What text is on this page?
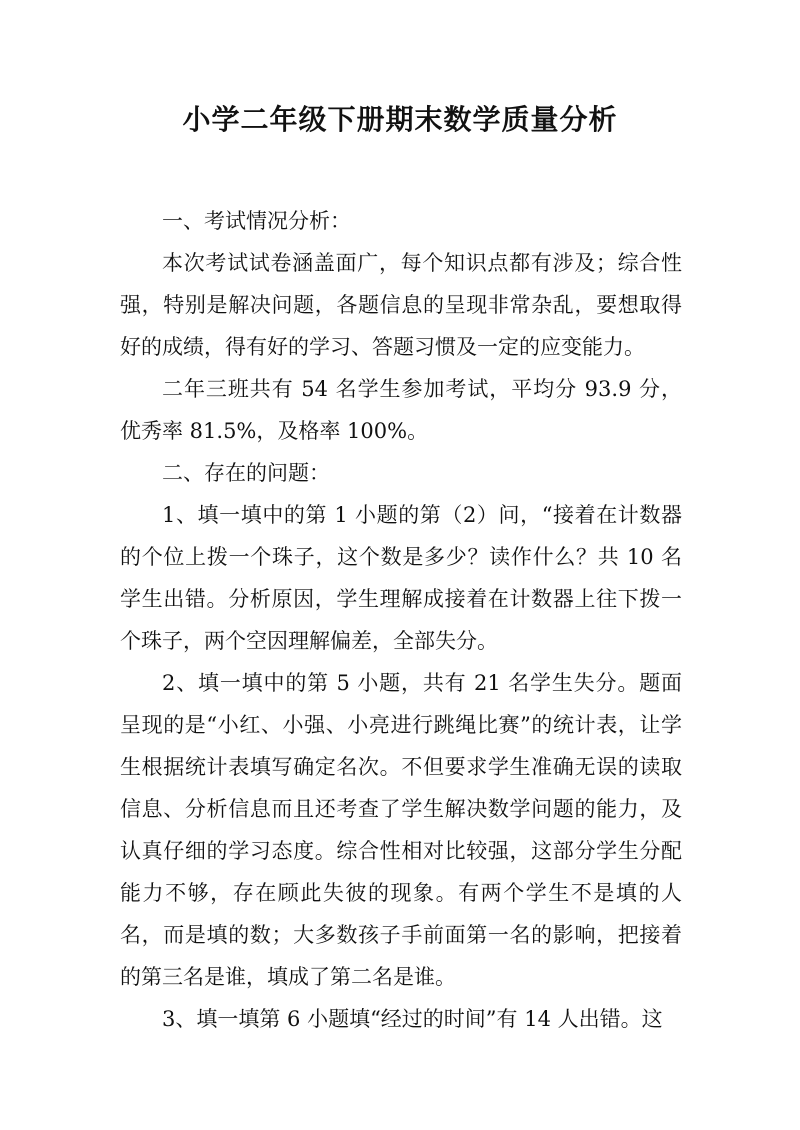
小学二年级下册期末数学质量分析

一、考试情况分析：

本次考试试卷涵盖面广，每个知识点都有涉及；综合性强，特别是解决问题，各题信息的呈现非常杂乱，要想取得好的成绩，得有好的学习、答题习惯及一定的应变能力。

二年三班共有 54 名学生参加考试，平均分 93.9 分，优秀率 81.5%，及格率 100%。

二、存在的问题：

1、填一填中的第 1 小题的第（2）问，“接着在计数器的个位上拨一个珠子，这个数是多少？读作什么？共 10 名学生出错。分析原因，学生理解成接着在计数器上往下拨一个珠子，两个空因理解偏差，全部失分。

2、填一填中的第 5 小题，共有 21 名学生失分。题面呈现的是“小红、小强、小亮进行跳绳比赛”的统计表，让学生根据统计表填写确定名次。不但要求学生准确无误的读取信息、分析信息而且还考查了学生解决数学问题的能力，及认真仔细的学习态度。综合性相对比较强，这部分学生分配能力不够，存在顾此失彼的现象。有两个学生不是填的人名，而是填的数；大多数孩子手前面第一名的影响，把接着的第三名是谁，填成了第二名是谁。

3、填一填第 6 小题填“经过的时间”有 14 人出错。这
